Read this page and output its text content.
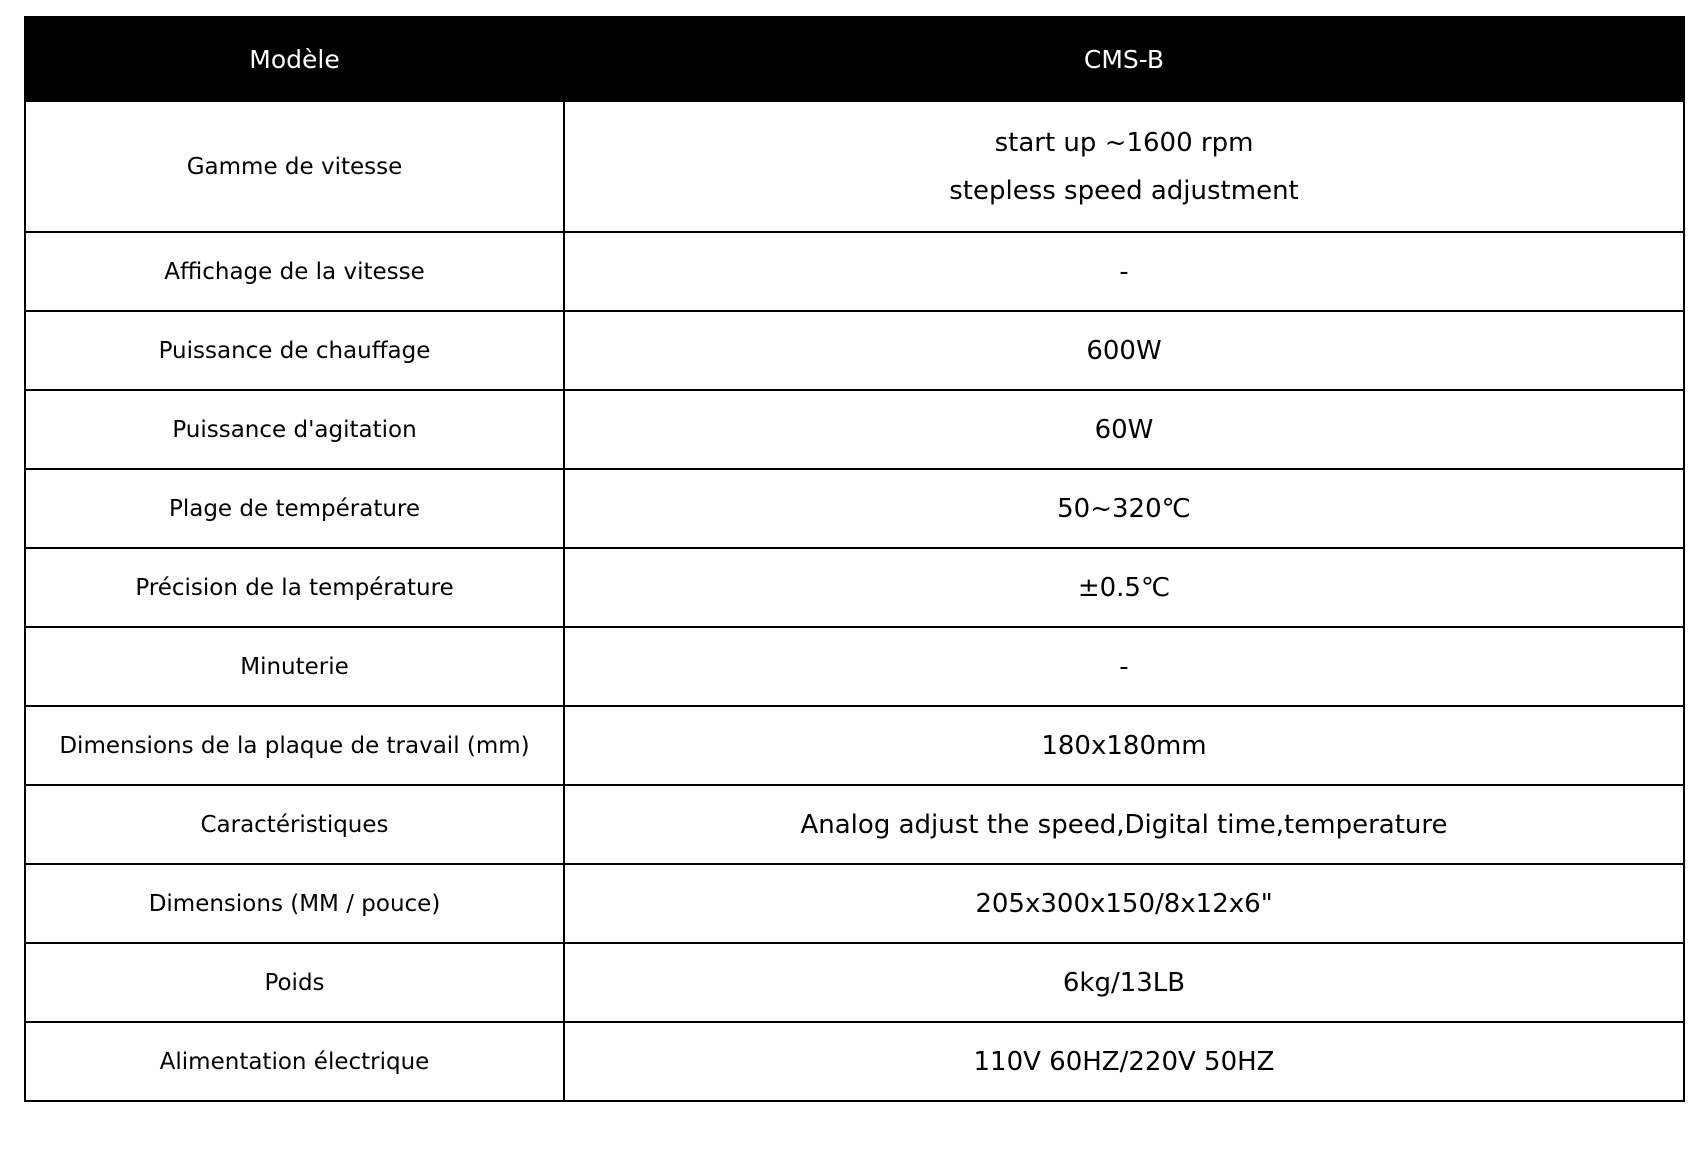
Modèle	CMS-B
Gamme de vitesse	start up ~1600 rpm
stepless speed adjustment

Affichage de la vitesse	-
Puissance de chauffage	600W
Puissance d'agitation	60W
Plage de température	50~320℃
Précision de la température	±0.5℃
Minuterie	-
Dimensions de la plaque de travail (mm)	180x180mm
Caractéristiques	Analog adjust the speed,Digital time,temperature
Dimensions (MM / pouce)	205x300x150/8x12x6"
Poids	6kg/13LB
Alimentation électrique	110V 60HZ/220V 50HZ
